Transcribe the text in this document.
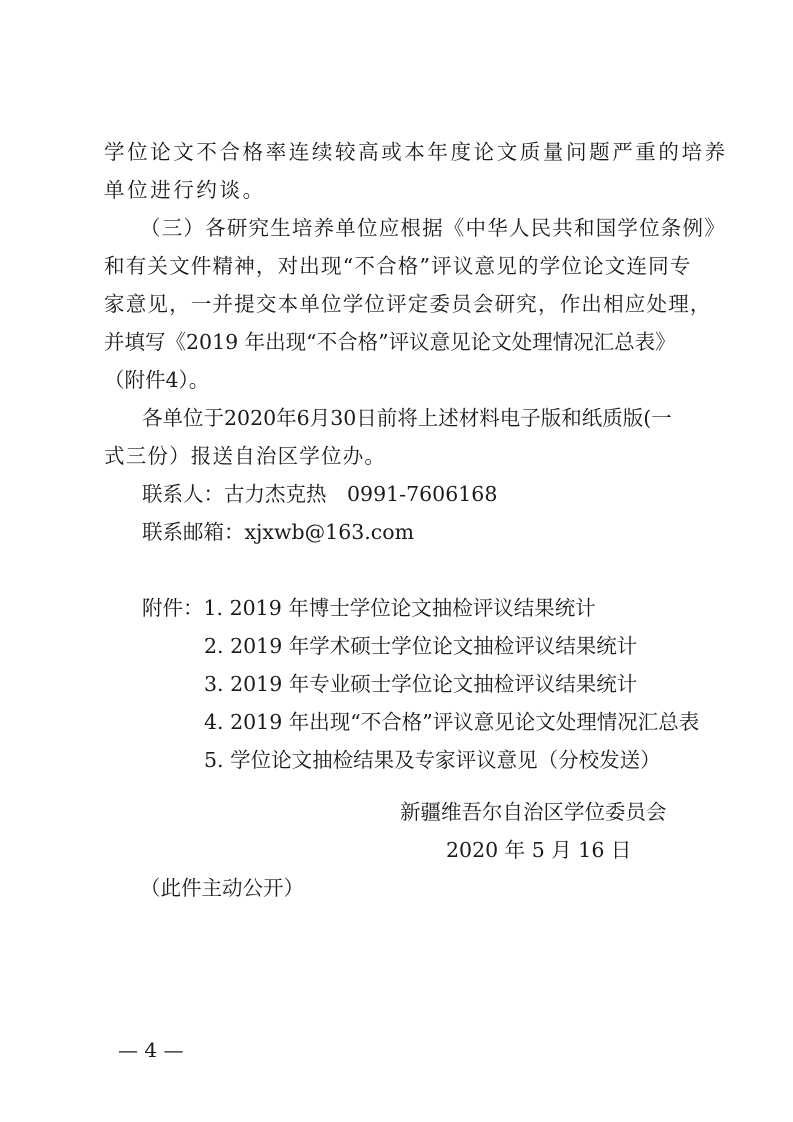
学位论文不合格率连续较高或本年度论文质量问题严重的培养
单位进行约谈。
（三）各研究生培养单位应根据《中华人民共和国学位条例》
和有关文件精神，对出现“不合格”评议意见的学位论文连同专
家意见，一并提交本单位学位评定委员会研究，作出相应处理，
并填写《2019 年出现“不合格”评议意见论文处理情况汇总表》
（附件4）。
各单位于2020年6月30日前将上述材料电子版和纸质版(一
式三份）报送自治区学位办。
联系人：古力杰克热　0991-7606168
联系邮箱：xjxwb@163.com
附件：1. 2019 年博士学位论文抽检评议结果统计
2. 2019 年学术硕士学位论文抽检评议结果统计
3. 2019 年专业硕士学位论文抽检评议结果统计
4. 2019 年出现“不合格”评议意见论文处理情况汇总表
5. 学位论文抽检结果及专家评议意见（分校发送）
新疆维吾尔自治区学位委员会
2020 年 5 月 16 日
（此件主动公开）
— 4 —
